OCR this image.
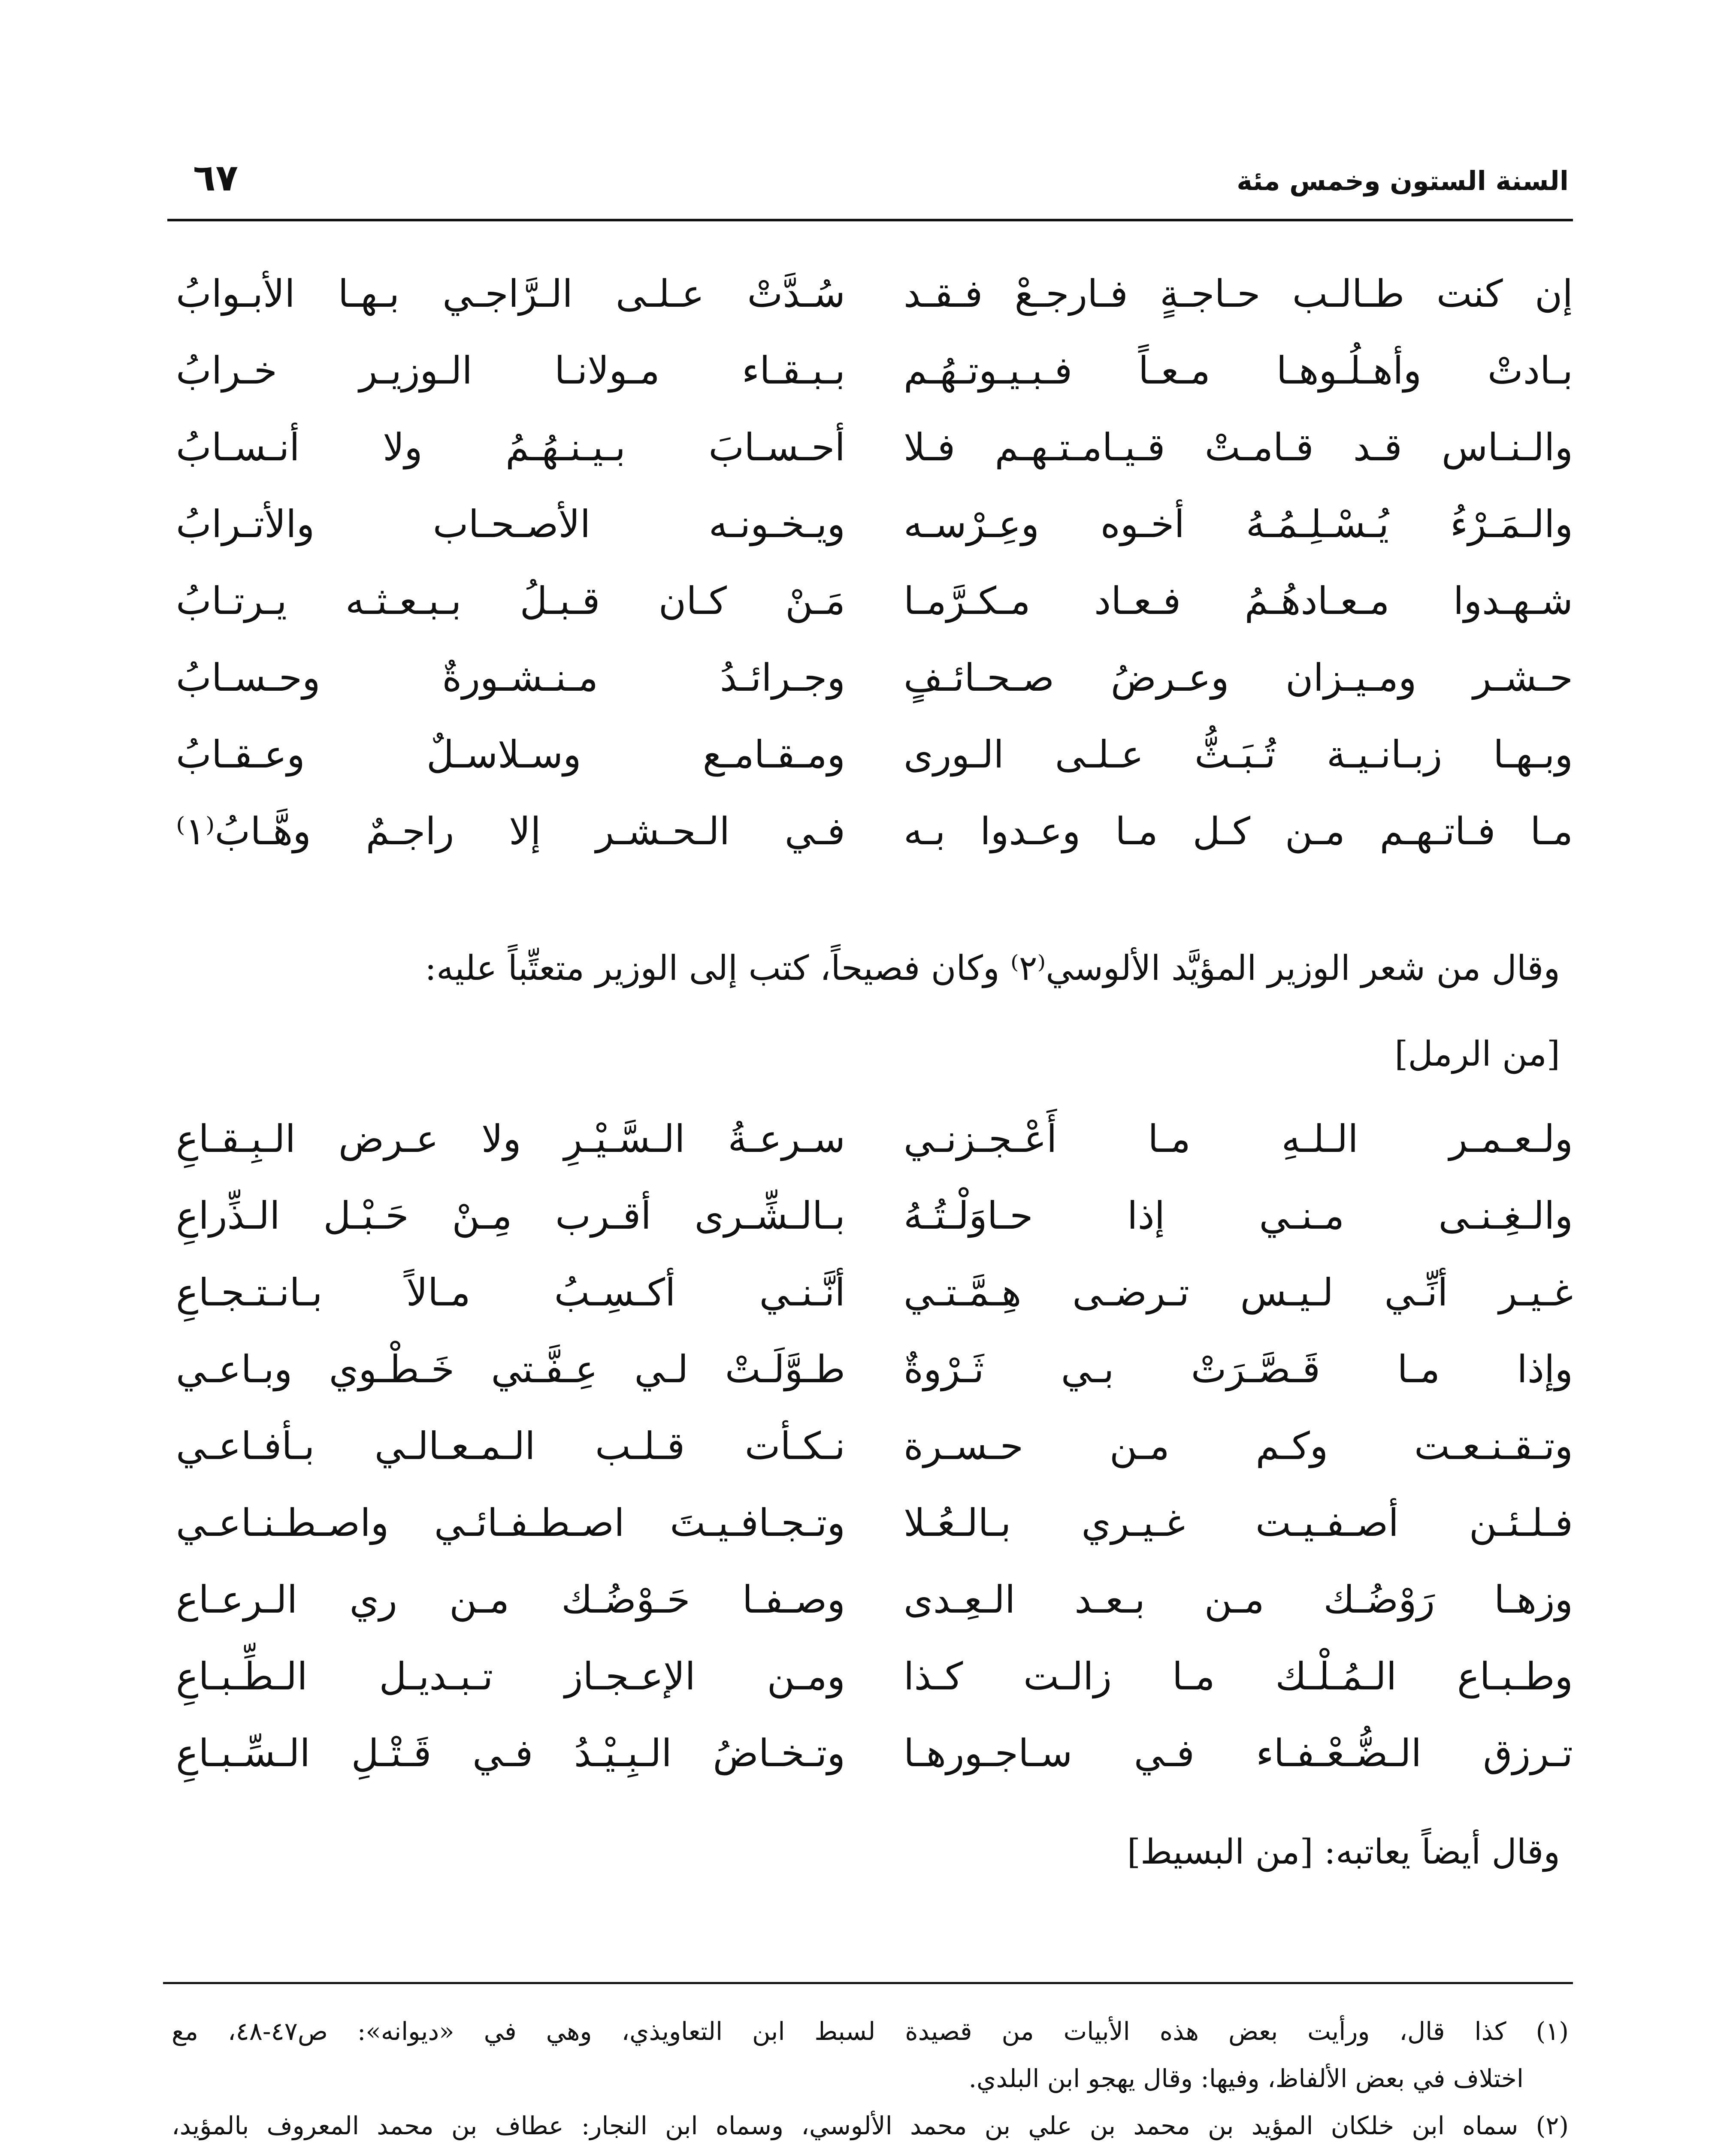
السنة الستون وخمس مئة
٦٧
إن كنت طـالـب حـاجـةٍ فـارجـعْ فـقـد
سُـدَّتْ عـلـى الـرَّاجـي بـهـا الأبـوابُ
بـادتْ وأهـلُـوهـا مـعـاً فـبـيـوتـهُـم
بـبـقـاء مـولانـا الـوزيـر خـرابُ
والـنـاس قـد قـامـتْ قـيـامـتـهـم فـلا
أحـسـابَ بـيـنـهُـمُ ولا أنـسـابُ
والـمَـرْءُ يُـسْـلِـمُـهُ أخـوه وعِـرْسـه
ويـخـونـه الأصـحـاب والأتـرابُ
شـهـدوا مـعـادهُـمُ فـعـاد مـكـرَّمـا
مَـنْ كـان قـبـلُ بـبـعـثـه يـرتـابُ
حـشـر ومـيـزان وعـرضُ صـحـائـفٍ
وجـرائـدُ مـنـشـورةٌ وحـسـابُ
وبـهـا زبـانـيـة تُـبَـثُّ عـلـى الـورى
ومـقـامـع وسـلاسـلٌ وعـقـابُ
مـا فـاتـهـم مـن كـل مـا وعـدوا بـه
فـي الـحـشـر إلا راجـمٌ وهَّـابُ⁽١⁾
وقال من شعر الوزير المؤيَّد الألوسي⁽٢⁾ وكان فصيحاً، كتب إلى الوزير متعتِّباً عليه:
[من الرمل]
ولـعـمـر الـلـهِ مـا أَعْـجـزنـي
سـرعـةُ الـسَّـيْـرِ ولا عـرض الـبِـقـاعِ
والـغِـنـى مـنـي إذا حـاوَلْـتُـهُ
بـالـشِّـرى أقـرب مِـنْ حَـبْـل الـذِّراعِ
غـيـر أنِّـي لـيـس تـرضـى هِـمَّـتـي
أنَّـنـي أكـسِـبُ مـالاً بـانـتـجـاعِ
وإذا مـا قَـصَّـرَتْ بـي ثَـرْوةٌ
طـوَّلَـتْ لـي عِـفَّـتي خَـطْـوي وبـاعـي
وتـقـنـعـت وكـم مـن حـسـرة
نـكـأت قـلـب الـمـعـالـي بـأفـاعـي
فـلـئـن أصـفـيـت غـيـري بـالـعُـلا
وتـجـافـيـتَ اصـطـفـائـي واصـطـنـاعـي
وزهـا رَوْضُـك مـن بـعـد الـعِـدى
وصـفـا حَـوْضُـك مـن ري الـرعـاع
وطـبـاع الـمُـلْـك مـا زالـت كـذا
ومـن الإعـجـاز تـبـديـل الـطِّـبـاعِ
تـرزق الـضُّـعْـفـاء فـي سـاجـورهـا
وتـخـاضُ الـبِـيْـدُ فـي قَـتْـلِ الـسِّـبـاعِ
وقال أيضاً يعاتبه: [من البسيط]
(١) كذا قال، ورأيت بعض هذه الأبيات من قصيدة لسبط ابن التعاويذي، وهي في «ديوانه»: ص٤٧-٤٨، مع
اختلاف في بعض الألفاظ، وفيها: وقال يهجو ابن البلدي.
(٢) سماه ابن خلكان المؤيد بن محمد بن علي بن محمد الألوسي، وسماه ابن النجار: عطاف بن محمد المعروف بالمؤيد،
